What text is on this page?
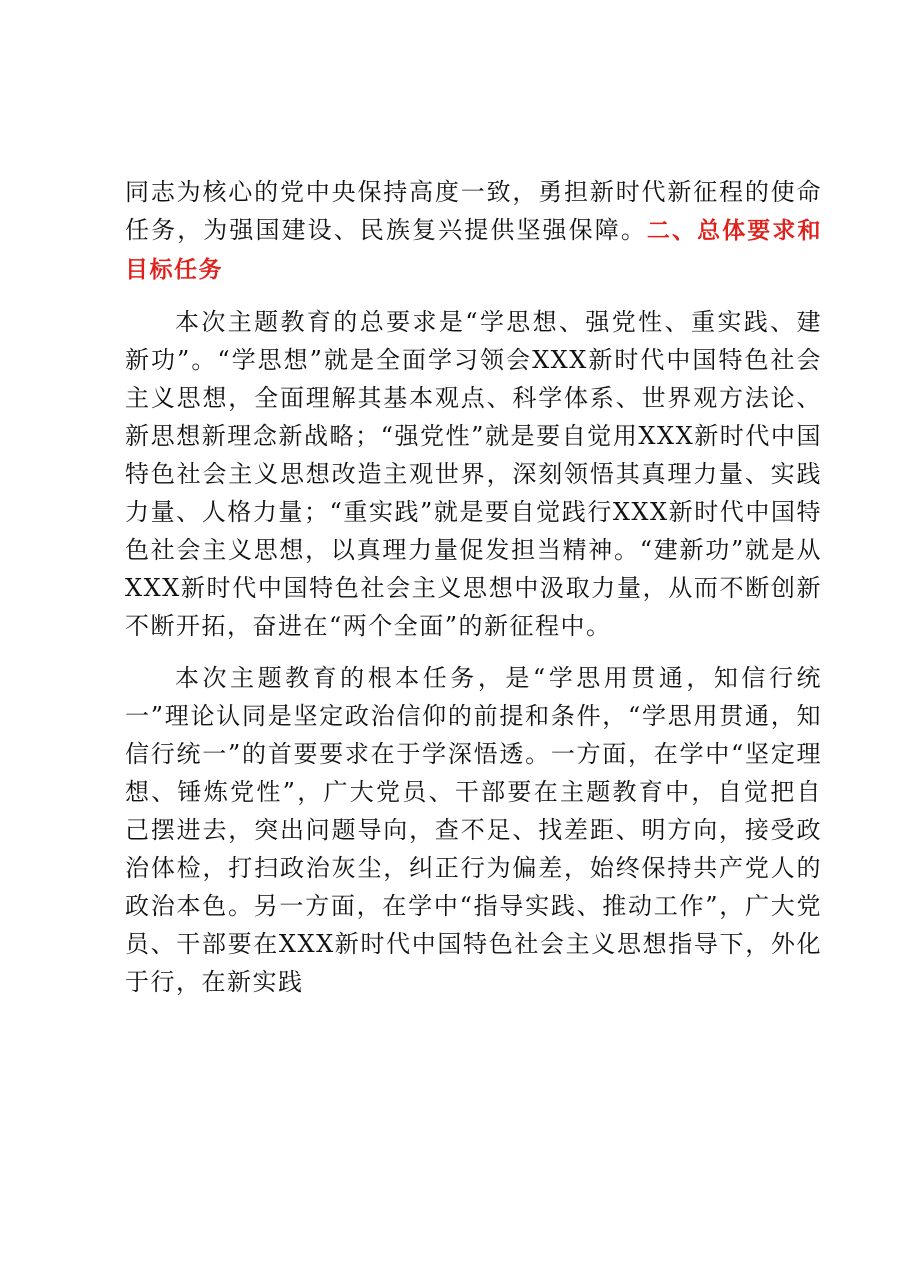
同志为核心的党中央保持高度一致，勇担新时代新征程的使命任务，为强国建设、民族复兴提供坚强保障。二、总体要求和目标任务

本次主题教育的总要求是“学思想、强党性、重实践、建新功”。“学思想”就是全面学习领会XXX新时代中国特色社会主义思想，全面理解其基本观点、科学体系、世界观方法论、新思想新理念新战略；“强党性”就是要自觉用XXX新时代中国特色社会主义思想改造主观世界，深刻领悟其真理力量、实践力量、人格力量；“重实践”就是要自觉践行XXX新时代中国特色社会主义思想，以真理力量促发担当精神。“建新功”就是从XXX新时代中国特色社会主义思想中汲取力量，从而不断创新不断开拓，奋进在“两个全面”的新征程中。

本次主题教育的根本任务，是“学思用贯通，知信行统一”理论认同是坚定政治信仰的前提和条件，“学思用贯通，知信行统一”的首要要求在于学深悟透。一方面，在学中“坚定理想、锤炼党性”，广大党员、干部要在主题教育中，自觉把自己摆进去，突出问题导向，查不足、找差距、明方向，接受政治体检，打扫政治灰尘，纠正行为偏差，始终保持共产党人的政治本色。另一方面，在学中“指导实践、推动工作”，广大党员、干部要在XXX新时代中国特色社会主义思想指导下，外化于行，在新实践
